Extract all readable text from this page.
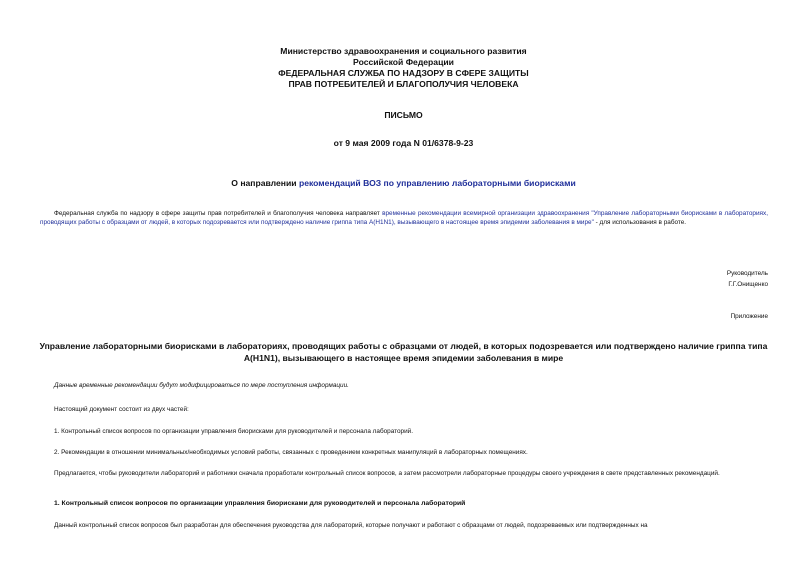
Министерство здравоохранения и социального развития
Российской Федерации
ФЕДЕРАЛЬНАЯ СЛУЖБА ПО НАДЗОРУ В СФЕРЕ ЗАЩИТЫ
ПРАВ ПОТРЕБИТЕЛЕЙ И БЛАГОПОЛУЧИЯ ЧЕЛОВЕКА
ПИСЬМО
от 9 мая 2009 года N 01/6378-9-23
О направлении рекомендаций ВОЗ по управлению лабораторными биорисками
Федеральная служба по надзору в сфере защиты прав потребителей и благополучия человека направляет временные рекомендации всемирной организации здравоохранения "Управление лабораторными биорисками в лабораториях, проводящих работы с образцами от людей, в которых подозревается или подтверждено наличие гриппа типа A(H1N1), вызывающего в настоящее время эпидемии заболевания в мире" - для использования в работе.
Руководитель
Г.Г.Онищенко
Приложение
Управление лабораторными биорисками в лабораториях, проводящих работы с образцами от людей, в которых подозревается или подтверждено наличие гриппа типа A(H1N1), вызывающего в настоящее время эпидемии заболевания в мире
Данные временные рекомендации будут модифицироваться по мере поступления информации.
Настоящий документ состоит из двух частей:
1. Контрольный список вопросов по организации управления биорисками для руководителей и персонала лабораторий.
2. Рекомендации в отношении минимальных/необходимых условий работы, связанных с проведением конкретных манипуляций в лабораторных помещениях.
Предлагается, чтобы руководители лабораторий и работники сначала проработали контрольный список вопросов, а затем рассмотрели лабораторные процедуры своего учреждения в свете представленных рекомендаций.
1. Контрольный список вопросов по организации управления биорисками для руководителей и персонала лабораторий
Данный контрольный список вопросов был разработан для обеспечения руководства для лабораторий, которые получают и работают с образцами от людей, подозреваемых или подтвержденных на
